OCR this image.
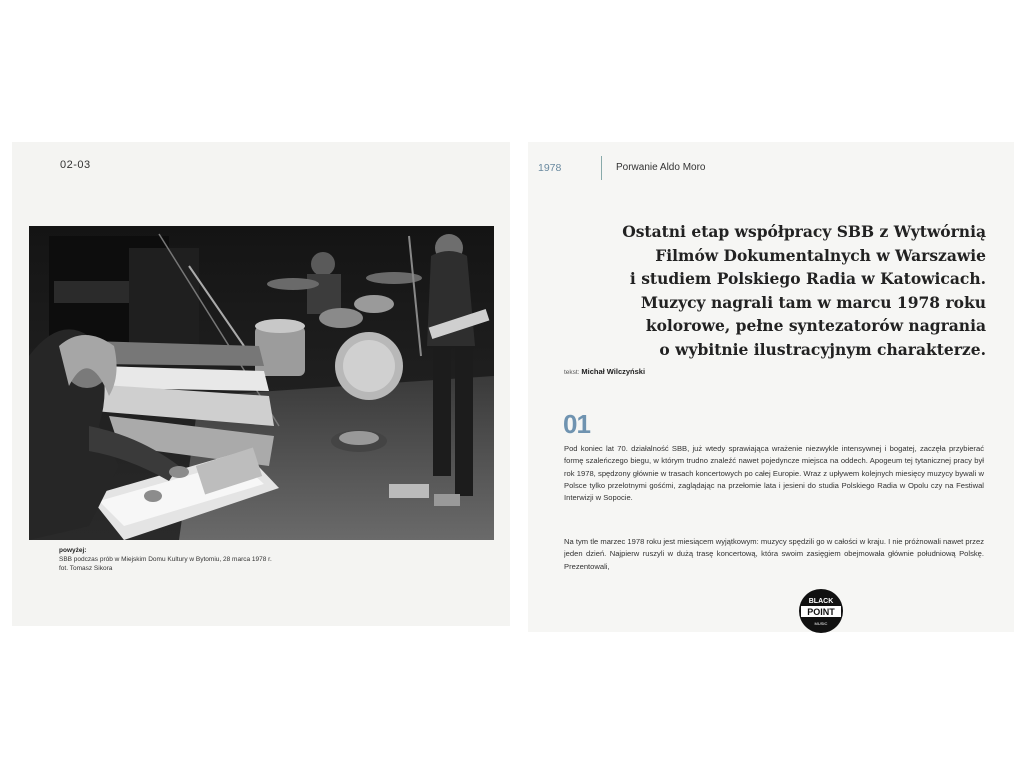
02-03
powyżej:
SBB podczas prób w Miejskim Domu Kultury w Bytomiu, 28 marca 1978 r.
fot. Tomasz Sikora
1978	Porwanie Aldo Moro
Ostatni etap współpracy SBB z Wytwórnią
Filmów Dokumentalnych w Warszawie
i studiem Polskiego Radia w Katowicach.
Muzycy nagrali tam w marcu 1978 roku
kolorowe, pełne syntezatorów nagrania
o wybitnie ilustracyjnym charakterze.
tekst: Michał Wilczyński
01
Pod koniec lat 70. działalność SBB, już wtedy sprawiająca wrażenie niezwykle intensywnej i bogatej, zaczęła przybierać formę szaleńczego biegu, w którym trudno znaleźć nawet pojedyncze miejsca na oddech. Apogeum tej tytanicznej pracy był rok 1978, spędzony głównie w trasach koncertowych po całej Europie. Wraz z upływem kolejnych miesięcy muzycy bywali w Polsce tylko przelotnymi gośćmi, zaglądając na przełomie lata i jesieni do studia Polskiego Radia w Opolu czy na Festiwal Interwizji w Sopocie.
Na tym tle marzec 1978 roku jest miesiącem wyjątkowym: muzycy spędzili go w całości w kraju. I nie próżnowali nawet przez jeden dzień. Najpierw ruszyli w dużą trasę koncertową, która swoim zasięgiem obejmowała głównie południową Polskę. Prezentowali,
BLACK
POINT
MUSIC
